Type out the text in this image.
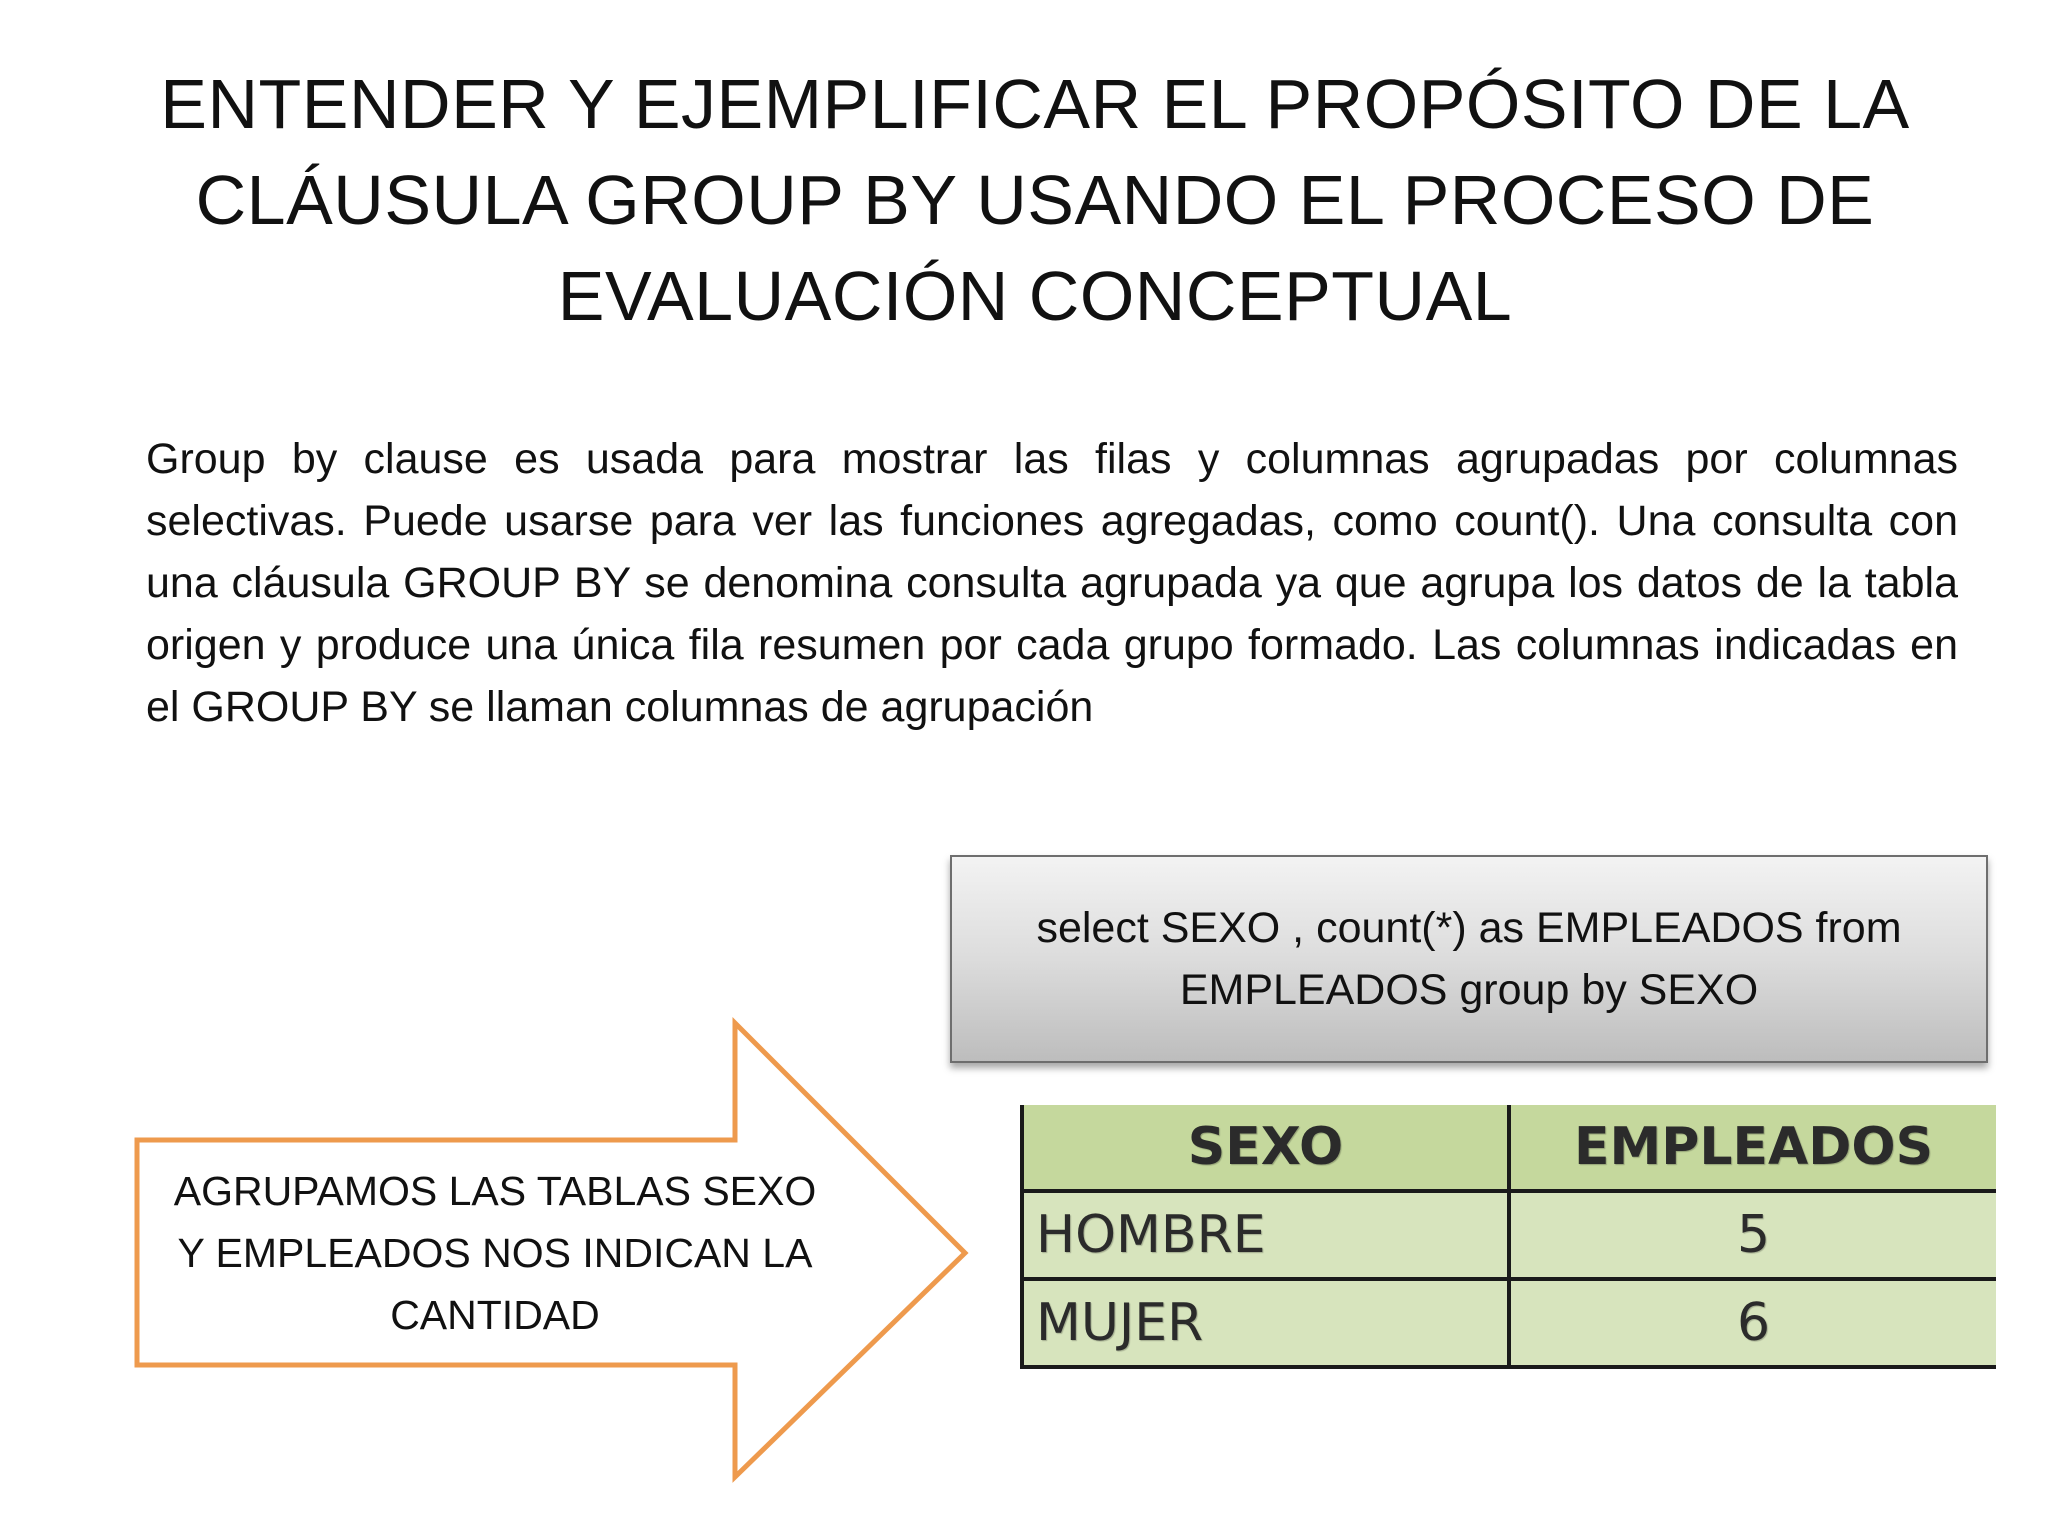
ENTENDER Y EJEMPLIFICAR EL PROPÓSITO DE LA
CLÁUSULA GROUP BY USANDO EL PROCESO DE
EVALUACIÓN CONCEPTUAL

Group by clause es usada para mostrar las filas y columnas agrupadas por columnas selectivas. Puede usarse para ver las funciones agregadas, como count(). Una consulta con una cláusula GROUP BY se denomina consulta agrupada ya que agrupa los datos de la tabla origen y produce una única fila resumen por cada grupo formado. Las columnas indicadas en el GROUP BY se llaman columnas de agrupación

select SEXO , count(*) as EMPLEADOS from
EMPLEADOS group by SEXO
AGRUPAMOS LAS TABLAS SEXO
Y EMPLEADOS NOS INDICAN LA
CANTIDAD
SEXO	EMPLEADOS
HOMBRE	5
MUJER	6
